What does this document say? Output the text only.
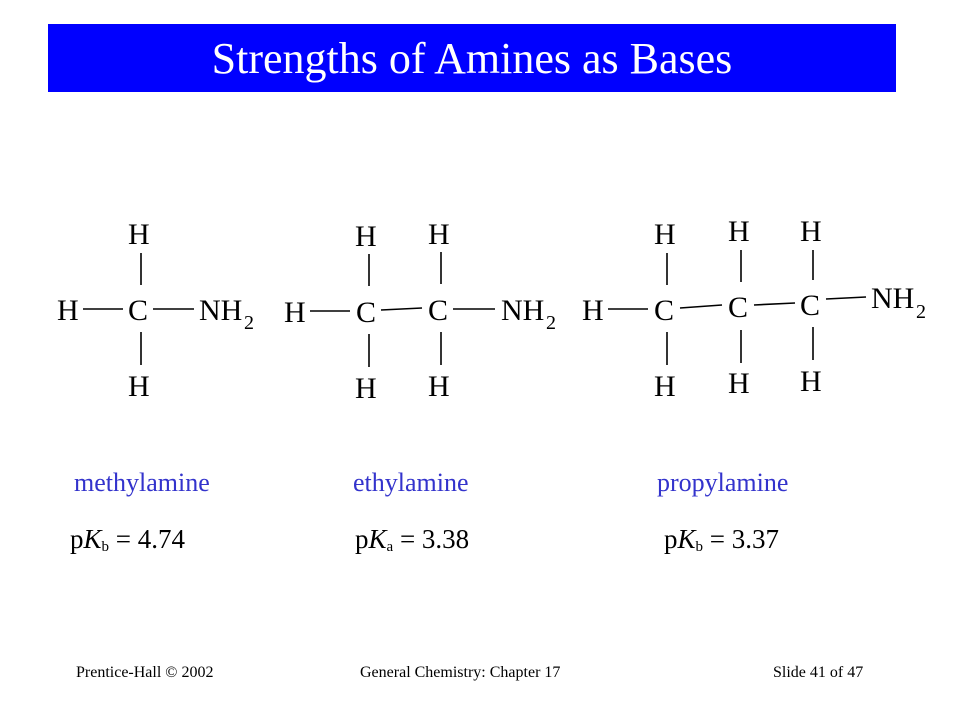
Strengths of Amines as Bases
H
H C NH 2
H
H H
H C C NH 2
H H
H H H
H C C C NH 2
H H H
methylamine	ethylamine	propylamine
$pK_b = 4.74$	$pK_a = 3.38$	$pK_b = 3.37$
Prentice-Hall © 2002	General Chemistry: Chapter 17	Slide 41 of 47
